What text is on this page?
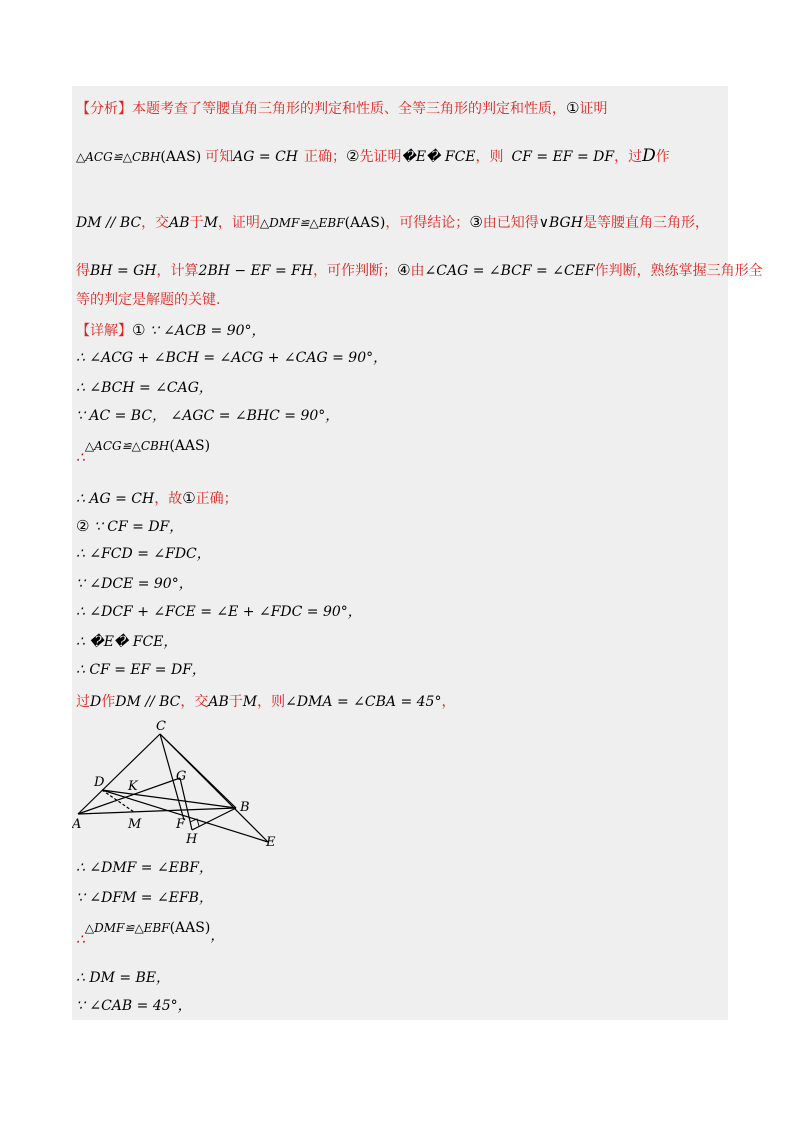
【分析】本题考查了等腰直角三角形的判定和性质、全等三角形的判定和性质，①证明
△ACG≌△CBH(AAS) 可知AG = CH 正确；②先证明�E� FCE，则 CF = EF = DF，过D作
DM // BC，交AB于M，证明△DMF≌△EBF(AAS)，可得结论；③由已知得∨BGH是等腰直角三角形，
得BH = GH，计算2BH − EF = FH，可作判断；④由∠CAG = ∠BCF = ∠CEF作判断，熟练掌握三角形全
等的判定是解题的关键.
【详解】① ∵ ∠ACB = 90°，
∴ ∠ACG + ∠BCH = ∠ACG + ∠CAG = 90°，
∴ ∠BCH = ∠CAG，
∵ AC = BC， ∠AGC = ∠BHC = 90°，
∴△ACG≌△CBH(AAS)
∴ AG = CH，故①正确；
② ∵ CF = DF，
∴ ∠FCD = ∠FDC，
∵ ∠DCE = 90°，
∴ ∠DCF + ∠FCE = ∠E + ∠FDC = 90°，
∴ �E� FCE，
∴ CF = EF = DF，
过D作DM // BC，交AB于M，则∠DMA = ∠CBA = 45°，
C
D K
G
B
A	M	F
H	E
∴ ∠DMF = ∠EBF，
∵ ∠DFM = ∠EFB，
∴△DMF≌△EBF(AAS)，
∴ DM = BE，
∵ ∠CAB = 45°，
